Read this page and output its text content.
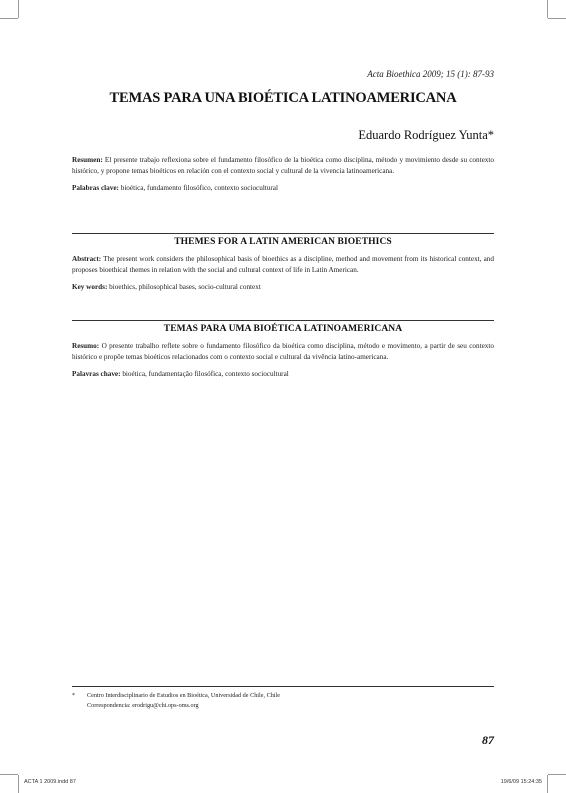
Acta Bioethica 2009; 15 (1): 87-93
TEMAS PARA UNA BIOÉTICA LATINOAMERICANA
Eduardo Rodríguez Yunta*

Resumen: El presente trabajo reflexiona sobre el fundamento filosófico de la bioética como disciplina, método y movimiento desde su contexto histórico, y propone temas bioéticos en relación con el contexto social y cultural de la vivencia latinoamericana.

Palabras clave: bioética, fundamento filosófico, contexto sociocultural

THEMES FOR A LATIN AMERICAN BIOETHICS

Abstract: The present work considers the philosophical basis of bioethics as a discipline, method and movement from its historical context, and proposes bioethical themes in relation with the social and cultural context of life in Latin American.

Key words: bioethics, philosophical bases, socio-cultural context

TEMAS PARA UMA BIOÉTICA LATINOAMERICANA

Resumo: O presente trabalho reflete sobre o fundamento filosófico da bioética como disciplina, método e movimento, a partir de seu contexto histórico e propõe temas bioéticos relacionados com o contexto social e cultural da vivência latino-americana.

Palavras chave: bioética, fundamentação filosófica, contexto sociocultural

* Centro Interdisciplinario de Estudios en Bioética, Universidad de Chile, Chile
Correspondencia: erodrigu@chi.ops-oms.org
87
ACTA 1 2009.indd 87	19/6/09 15:24:35
